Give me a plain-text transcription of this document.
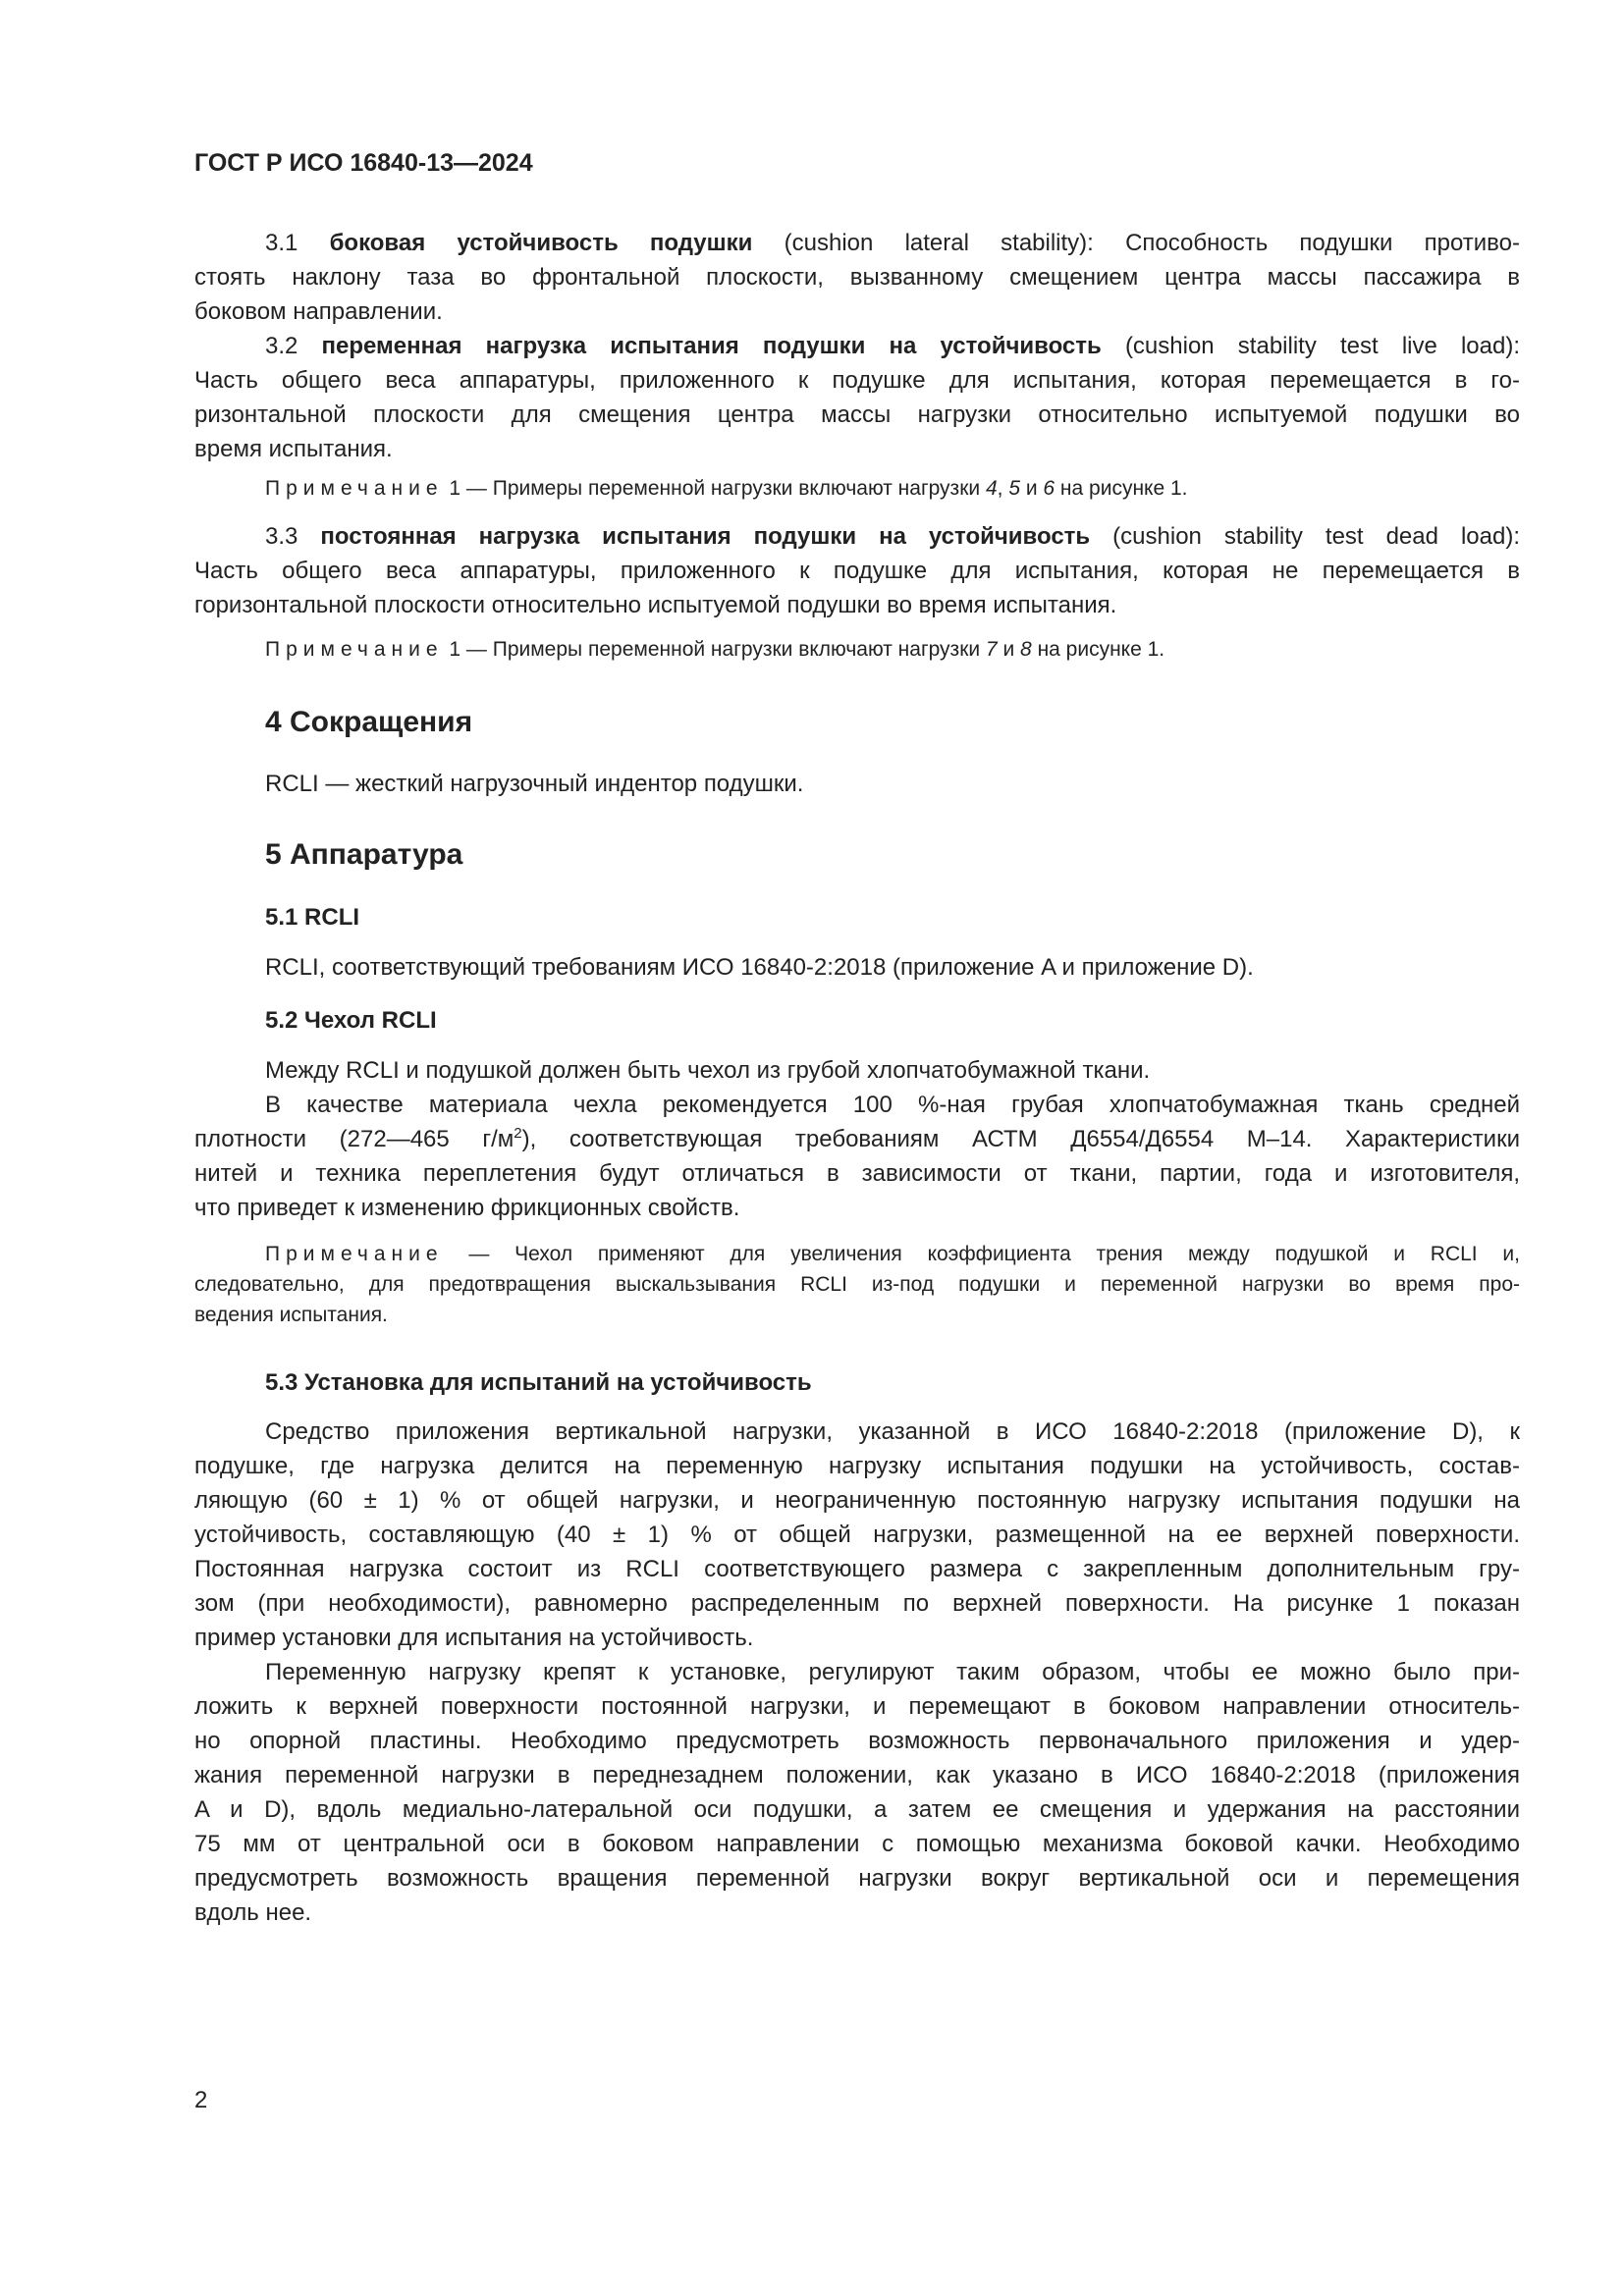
ГОСТ Р ИСО 16840-13—2024
3.1 боковая устойчивость подушки (cushion lateral stability): Способность подушки противо-
стоять наклону таза во фронтальной плоскости, вызванному смещением центра массы пассажира в
боковом направлении.
3.2 переменная нагрузка испытания подушки на устойчивость (cushion stability test live load):
Часть общего веса аппаратуры, приложенного к подушке для испытания, которая перемещается в го-
ризонтальной плоскости для смещения центра массы нагрузки относительно испытуемой подушки во
время испытания.
Примечание 1 — Примеры переменной нагрузки включают нагрузки 4, 5 и 6 на рисунке 1.
3.3 постоянная нагрузка испытания подушки на устойчивость (cushion stability test dead load):
Часть общего веса аппаратуры, приложенного к подушке для испытания, которая не перемещается в
горизонтальной плоскости относительно испытуемой подушки во время испытания.
Примечание 1 — Примеры переменной нагрузки включают нагрузки 7 и 8 на рисунке 1.
4 Сокращения
RCLI — жесткий нагрузочный индентор подушки.
5 Аппаратура
5.1 RCLI
RCLI, соответствующий требованиям ИСО 16840-2:2018 (приложение A и приложение D).
5.2 Чехол RCLI
Между RCLI и подушкой должен быть чехол из грубой хлопчатобумажной ткани.
В качестве материала чехла рекомендуется 100 %-ная грубая хлопчатобумажная ткань средней
плотности (272—465 $г/м^2$), соответствующая требованиям АСТМ Д6554/Д6554 М–14. Характеристики
нитей и техника переплетения будут отличаться в зависимости от ткани, партии, года и изготовителя,
что приведет к изменению фрикционных свойств.
Примечание — Чехол применяют для увеличения коэффициента трения между подушкой и RCLI и,
следовательно, для предотвращения выскальзывания RCLI из-под подушки и переменной нагрузки во время про-
ведения испытания.
5.3 Установка для испытаний на устойчивость
Средство приложения вертикальной нагрузки, указанной в ИСО 16840-2:2018 (приложение D), к
подушке, где нагрузка делится на переменную нагрузку испытания подушки на устойчивость, состав-
ляющую (60 ± 1) % от общей нагрузки, и неограниченную постоянную нагрузку испытания подушки на
устойчивость, составляющую (40 ± 1) % от общей нагрузки, размещенной на ее верхней поверхности.
Постоянная нагрузка состоит из RCLI соответствующего размера с закрепленным дополнительным гру-
зом (при необходимости), равномерно распределенным по верхней поверхности. На рисунке 1 показан
пример установки для испытания на устойчивость.
Переменную нагрузку крепят к установке, регулируют таким образом, чтобы ее можно было при-
ложить к верхней поверхности постоянной нагрузки, и перемещают в боковом направлении относитель-
но опорной пластины. Необходимо предусмотреть возможность первоначального приложения и удер-
жания переменной нагрузки в переднезаднем положении, как указано в ИСО 16840-2:2018 (приложения
A и D), вдоль медиально-латеральной оси подушки, а затем ее смещения и удержания на расстоянии
75 мм от центральной оси в боковом направлении с помощью механизма боковой качки. Необходимо
предусмотреть возможность вращения переменной нагрузки вокруг вертикальной оси и перемещения
вдоль нее.
2
